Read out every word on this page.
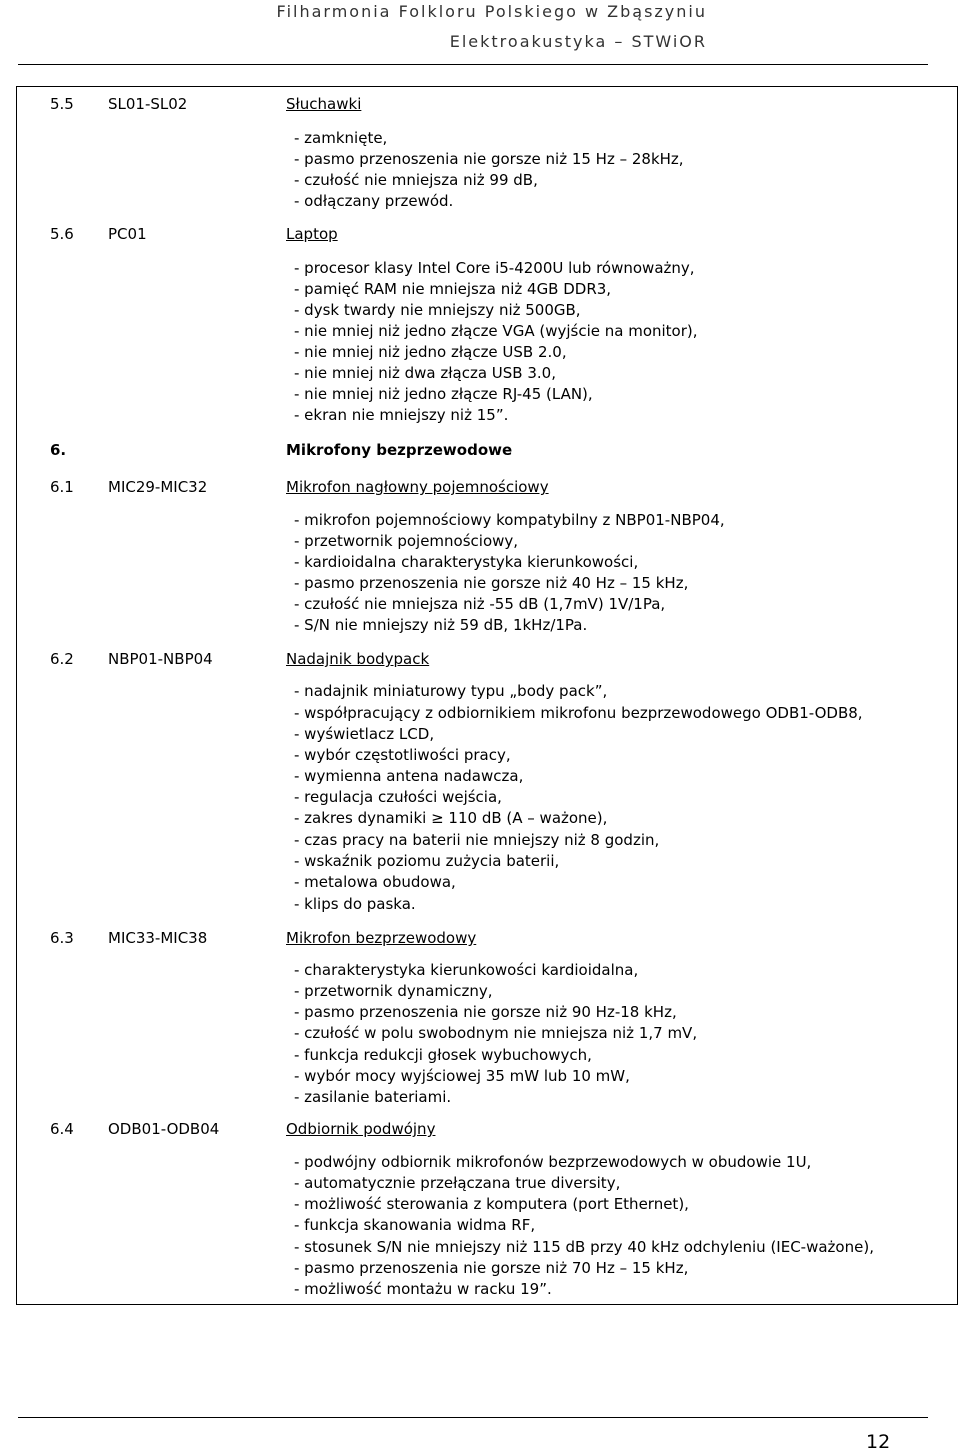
Filharmonia Folkloru Polskiego w Zbąszyniu
Elektroakustyka – STWiOR
5.5 SL01-SL02	Słuchawki
- zamknięte,
- pasmo przenoszenia nie gorsze niż 15 Hz – 28kHz,
- czułość nie mniejsza niż 99 dB,
- odłączany przewód.
5.6 PC01	Laptop
- procesor klasy Intel Core i5-4200U lub równoważny,
- pamięć RAM nie mniejsza niż 4GB DDR3,
- dysk twardy nie mniejszy niż 500GB,
- nie mniej niż jedno złącze VGA (wyjście na monitor),
- nie mniej niż jedno złącze USB 2.0,
- nie mniej niż dwa złącza USB 3.0,
- nie mniej niż jedno złącze RJ-45 (LAN),
- ekran nie mniejszy niż 15”.
6.	Mikrofony bezprzewodowe
6.1 MIC29-MIC32	Mikrofon nagłowny pojemnościowy
- mikrofon pojemnościowy kompatybilny z NBP01-NBP04,
- przetwornik pojemnościowy,
- kardioidalna charakterystyka kierunkowości,
- pasmo przenoszenia nie gorsze niż 40 Hz – 15 kHz,
- czułość nie mniejsza niż -55 dB (1,7mV) 1V/1Pa,
- S/N nie mniejszy niż 59 dB, 1kHz/1Pa.
6.2 NBP01-NBP04	Nadajnik bodypack
- nadajnik miniaturowy typu „body pack”,
- współpracujący z odbiornikiem mikrofonu bezprzewodowego ODB1-ODB8,
- wyświetlacz LCD,
- wybór częstotliwości pracy,
- wymienna antena nadawcza,
- regulacja czułości wejścia,
- zakres dynamiki ≥ 110 dB (A – ważone),
- czas pracy na baterii nie mniejszy niż 8 godzin,
- wskaźnik poziomu zużycia baterii,
- metalowa obudowa,
- klips do paska.
6.3 MIC33-MIC38	Mikrofon bezprzewodowy
- charakterystyka kierunkowości kardioidalna,
- przetwornik dynamiczny,
- pasmo przenoszenia nie gorsze niż 90 Hz-18 kHz,
- czułość w polu swobodnym nie mniejsza niż 1,7 mV,
- funkcja redukcji głosek wybuchowych,
- wybór mocy wyjściowej 35 mW lub 10 mW,
- zasilanie bateriami.
6.4 ODB01-ODB04	Odbiornik podwójny
- podwójny odbiornik mikrofonów bezprzewodowych w obudowie 1U,
- automatycznie przełączana true diversity,
- możliwość sterowania z komputera (port Ethernet),
- funkcja skanowania widma RF,
- stosunek S/N nie mniejszy niż 115 dB przy 40 kHz odchyleniu (IEC-ważone),
- pasmo przenoszenia nie gorsze niż 70 Hz – 15 kHz,
- możliwość montażu w racku 19”.
12
